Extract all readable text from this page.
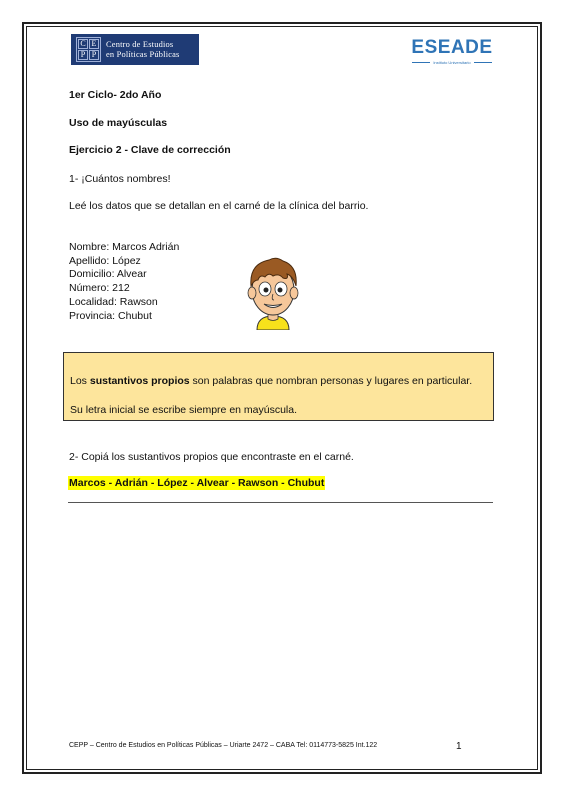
C E
P P
Centro de Estudios
en Políticas Públicas	ESEADE
Instituto Universitario
1er Ciclo- 2do Año
Uso de mayúsculas
Ejercicio 2 - Clave de corrección
1- ¡Cuántos nombres!
Leé los datos que se detallan en el carné de la clínica del barrio.
Nombre: Marcos Adrián
Apellido: López
Domicilio: Alvear
Número: 212
Localidad: Rawson
Provincia: Chubut
Los sustantivos propios son palabras que nombran personas y lugares en particular. Su letra inicial se escribe siempre en mayúscula.
2- Copiá los sustantivos propios que encontraste en el carné.
Marcos - Adrián - López - Alvear - Rawson - Chubut
CEPP – Centro de Estudios en Políticas Públicas – Uriarte 2472 – CABA Tel: 0114773-5825 Int.122	1
